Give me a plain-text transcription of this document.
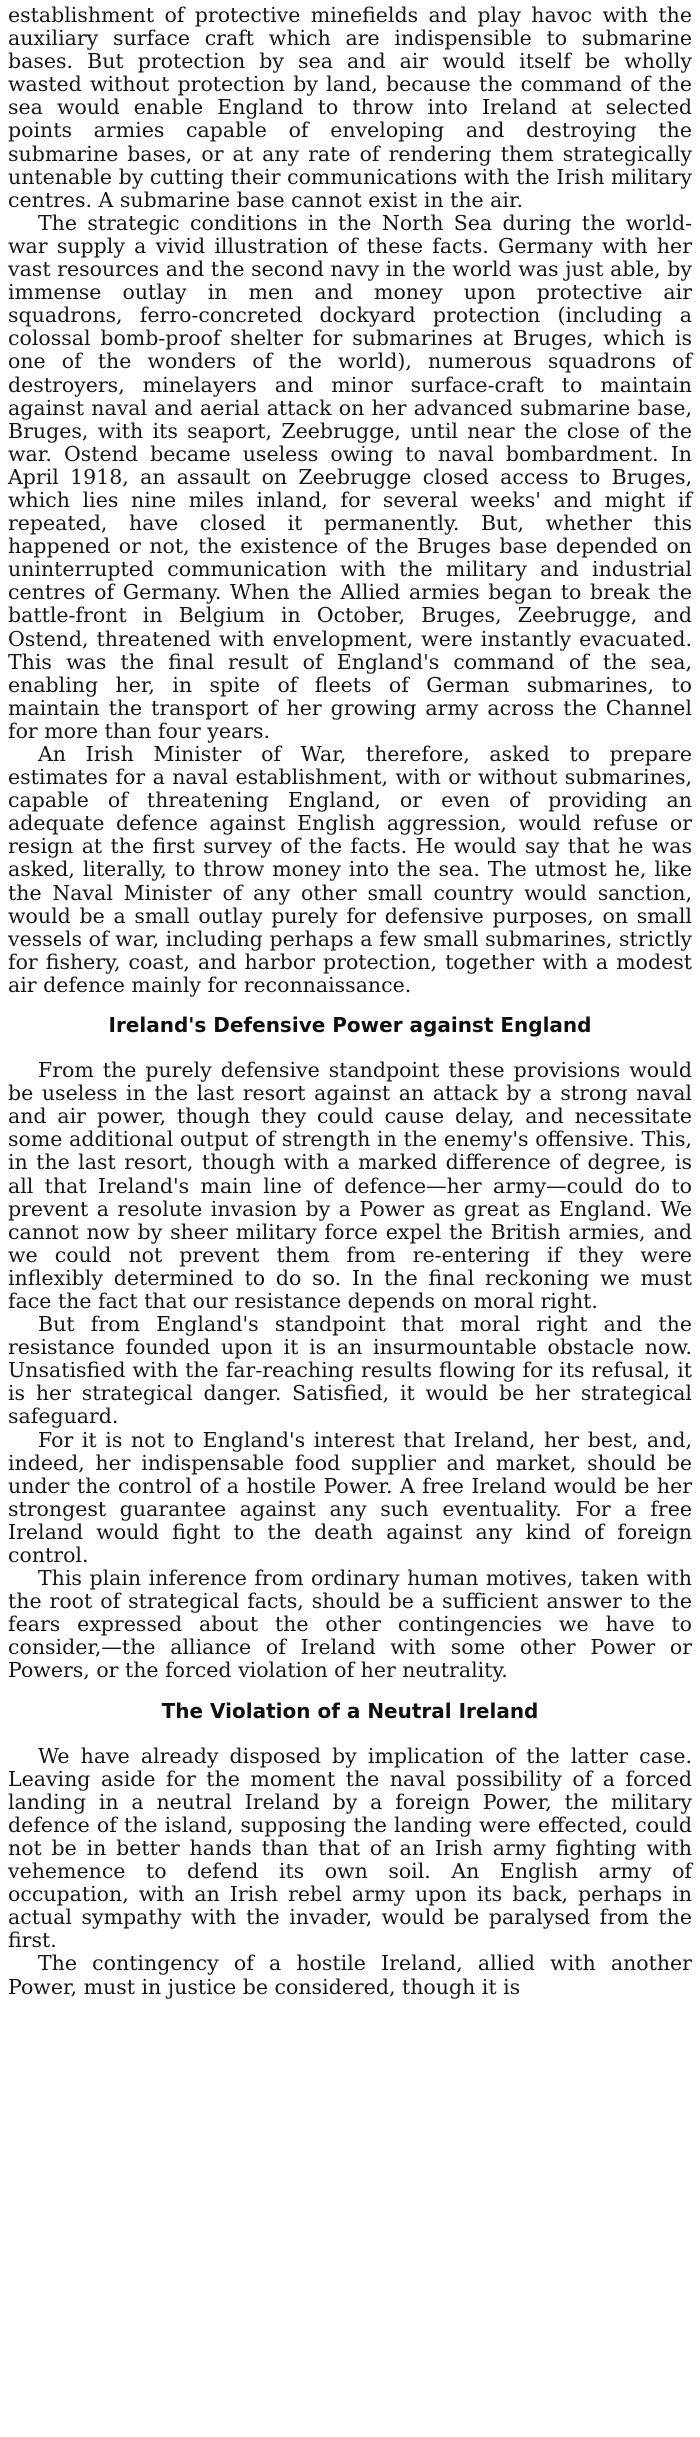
establishment of protective minefields and play havoc with the auxiliary surface craft which are indispensible to submarine bases. But protection by sea and air would itself be wholly wasted without protection by land, because the command of the sea would enable England to throw into Ireland at selected points armies capable of enveloping and destroying the submarine bases, or at any rate of rendering them strategically untenable by cutting their communications with the Irish military centres. A submarine base cannot exist in the air.

The strategic conditions in the North Sea during the world-war supply a vivid illustration of these facts. Germany with her vast resources and the second navy in the world was just able, by immense outlay in men and money upon protective air squadrons, ferro-concreted dockyard protection (including a colossal bomb-proof shelter for submarines at Bruges, which is one of the wonders of the world), numerous squadrons of destroyers, minelayers and minor surface-craft to maintain against naval and aerial attack on her advanced submarine base, Bruges, with its seaport, Zeebrugge, until near the close of the war. Ostend became useless owing to naval bombardment. In April 1918, an assault on Zeebrugge closed access to Bruges, which lies nine miles inland, for several weeks' and might if repeated, have closed it permanently. But, whether this happened or not, the existence of the Bruges base depended on uninterrupted communication with the military and industrial centres of Germany. When the Allied armies began to break the battle-front in Belgium in October, Bruges, Zeebrugge, and Ostend, threatened with envelopment, were instantly evacuated. This was the final result of England's command of the sea, enabling her, in spite of fleets of German submarines, to maintain the transport of her growing army across the Channel for more than four years.

An Irish Minister of War, therefore, asked to prepare estimates for a naval establishment, with or without submarines, capable of threatening England, or even of providing an adequate defence against English aggression, would refuse or resign at the first survey of the facts. He would say that he was asked, literally, to throw money into the sea. The utmost he, like the Naval Minister of any other small country would sanction, would be a small outlay purely for defensive purposes, on small vessels of war, including perhaps a few small submarines, strictly for fishery, coast, and harbor protection, together with a modest air defence mainly for reconnaissance.

Ireland's Defensive Power against England

From the purely defensive standpoint these provisions would be useless in the last resort against an attack by a strong naval and air power, though they could cause delay, and necessitate some additional output of strength in the enemy's offensive. This, in the last resort, though with a marked difference of degree, is all that Ireland's main line of defence—her army—could do to prevent a resolute invasion by a Power as great as England. We cannot now by sheer military force expel the British armies, and we could not prevent them from re-entering if they were inflexibly determined to do so. In the final reckoning we must face the fact that our resistance depends on moral right.

But from England's standpoint that moral right and the resistance founded upon it is an insurmountable obstacle now. Unsatisfied with the far-reaching results flowing for its refusal, it is her strategical danger. Satisfied, it would be her strategical safeguard.

For it is not to England's interest that Ireland, her best, and, indeed, her indispensable food supplier and market, should be under the control of a hostile Power. A free Ireland would be her strongest guarantee against any such eventuality. For a free Ireland would fight to the death against any kind of foreign control.

This plain inference from ordinary human motives, taken with the root of strategical facts, should be a sufficient answer to the fears expressed about the other contingencies we have to consider,—the alliance of Ireland with some other Power or Powers, or the forced violation of her neutrality.

The Violation of a Neutral Ireland

We have already disposed by implication of the latter case. Leaving aside for the moment the naval possibility of a forced landing in a neutral Ireland by a foreign Power, the military defence of the island, supposing the landing were effected, could not be in better hands than that of an Irish army fighting with vehemence to defend its own soil. An English army of occupation, with an Irish rebel army upon its back, perhaps in actual sympathy with the invader, would be paralysed from the first.

The contingency of a hostile Ireland, allied with another Power, must in justice be considered, though it is
